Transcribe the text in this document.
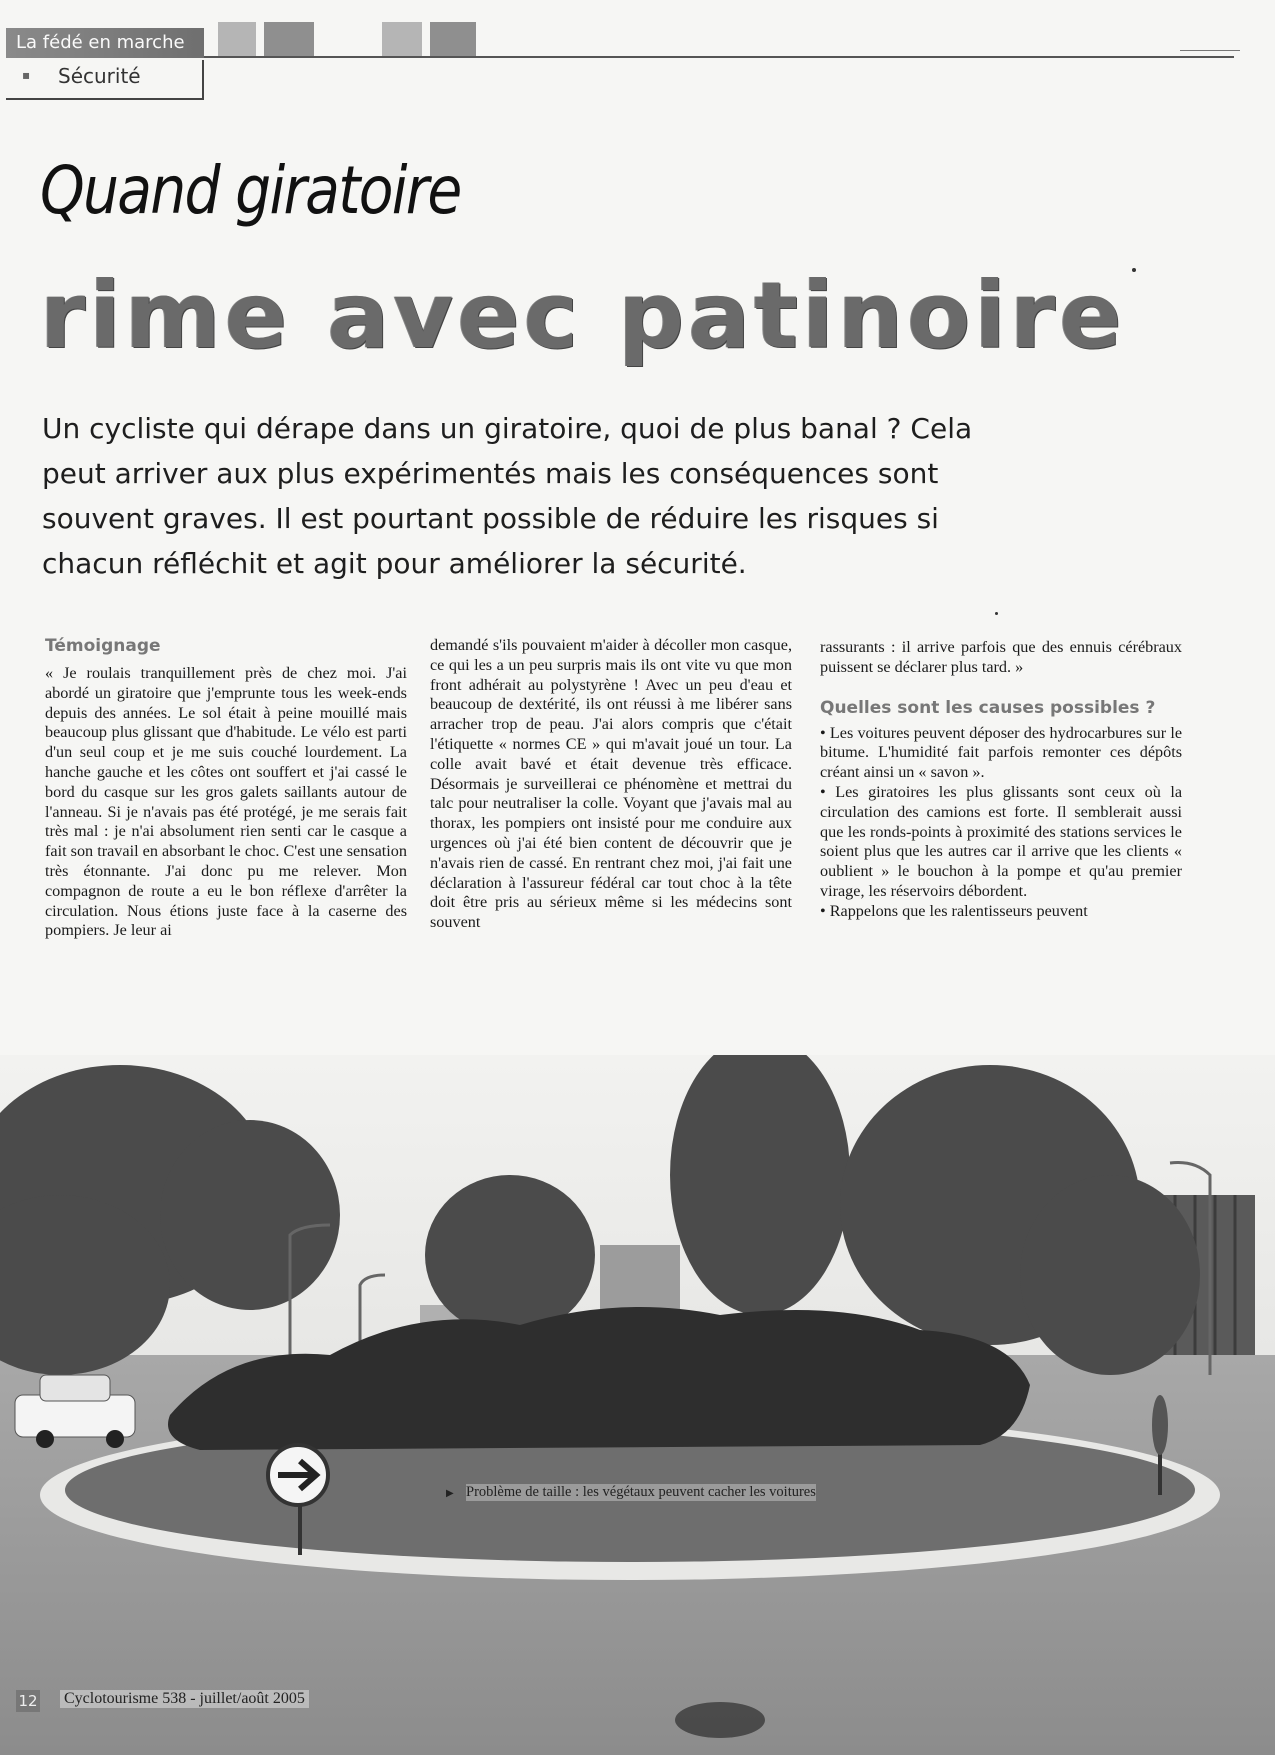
La fédé en marche
▪ Sécurité
Quand giratoire
rime avec patinoire
Un cycliste qui dérape dans un giratoire, quoi de plus banal ? Cela peut arriver aux plus expérimentés mais les conséquences sont souvent graves. Il est pourtant possible de réduire les risques si chacun réfléchit et agit pour améliorer la sécurité.
Témoignage

« Je roulais tranquillement près de chez moi. J'ai abordé un giratoire que j'emprunte tous les week-ends depuis des années. Le sol était à peine mouillé mais beaucoup plus glissant que d'habitude. Le vélo est parti d'un seul coup et je me suis couché lourdement. La hanche gauche et les côtes ont souffert et j'ai cassé le bord du casque sur les gros galets saillants autour de l'anneau. Si je n'avais pas été protégé, je me serais fait très mal : je n'ai absolument rien senti car le casque a fait son travail en absorbant le choc. C'est une sensation très étonnante. J'ai donc pu me relever. Mon compagnon de route a eu le bon réflexe d'arrêter la circulation. Nous étions juste face à la caserne des pompiers. Je leur ai

demandé s'ils pouvaient m'aider à décoller mon casque, ce qui les a un peu surpris mais ils ont vite vu que mon front adhérait au polystyrène ! Avec un peu d'eau et beaucoup de dextérité, ils ont réussi à me libérer sans arracher trop de peau. J'ai alors compris que c'était l'étiquette « normes CE » qui m'avait joué un tour. La colle avait bavé et était devenue très efficace. Désormais je surveillerai ce phénomène et mettrai du talc pour neutraliser la colle. Voyant que j'avais mal au thorax, les pompiers ont insisté pour me conduire aux urgences où j'ai été bien content de découvrir que je n'avais rien de cassé. En rentrant chez moi, j'ai fait une déclaration à l'assureur fédéral car tout choc à la tête doit être pris au sérieux même si les médecins sont souvent

rassurants : il arrive parfois que des ennuis cérébraux puissent se déclarer plus tard. »

Quelles sont les causes possibles ?

• Les voitures peuvent déposer des hydrocarbures sur le bitume. L'humidité fait parfois remonter ces dépôts créant ainsi un « savon ».

• Les giratoires les plus glissants sont ceux où la circulation des camions est forte. Il semblerait aussi que les ronds-points à proximité des stations services le soient plus que les autres car il arrive que les clients « oublient » le bouchon à la pompe et qu'au premier virage, les réservoirs débordent.

• Rappelons que les ralentisseurs peuvent

▶ Problème de taille : les végétaux peuvent cacher les voitures
12 Cyclotourisme 538 - juillet/août 2005
